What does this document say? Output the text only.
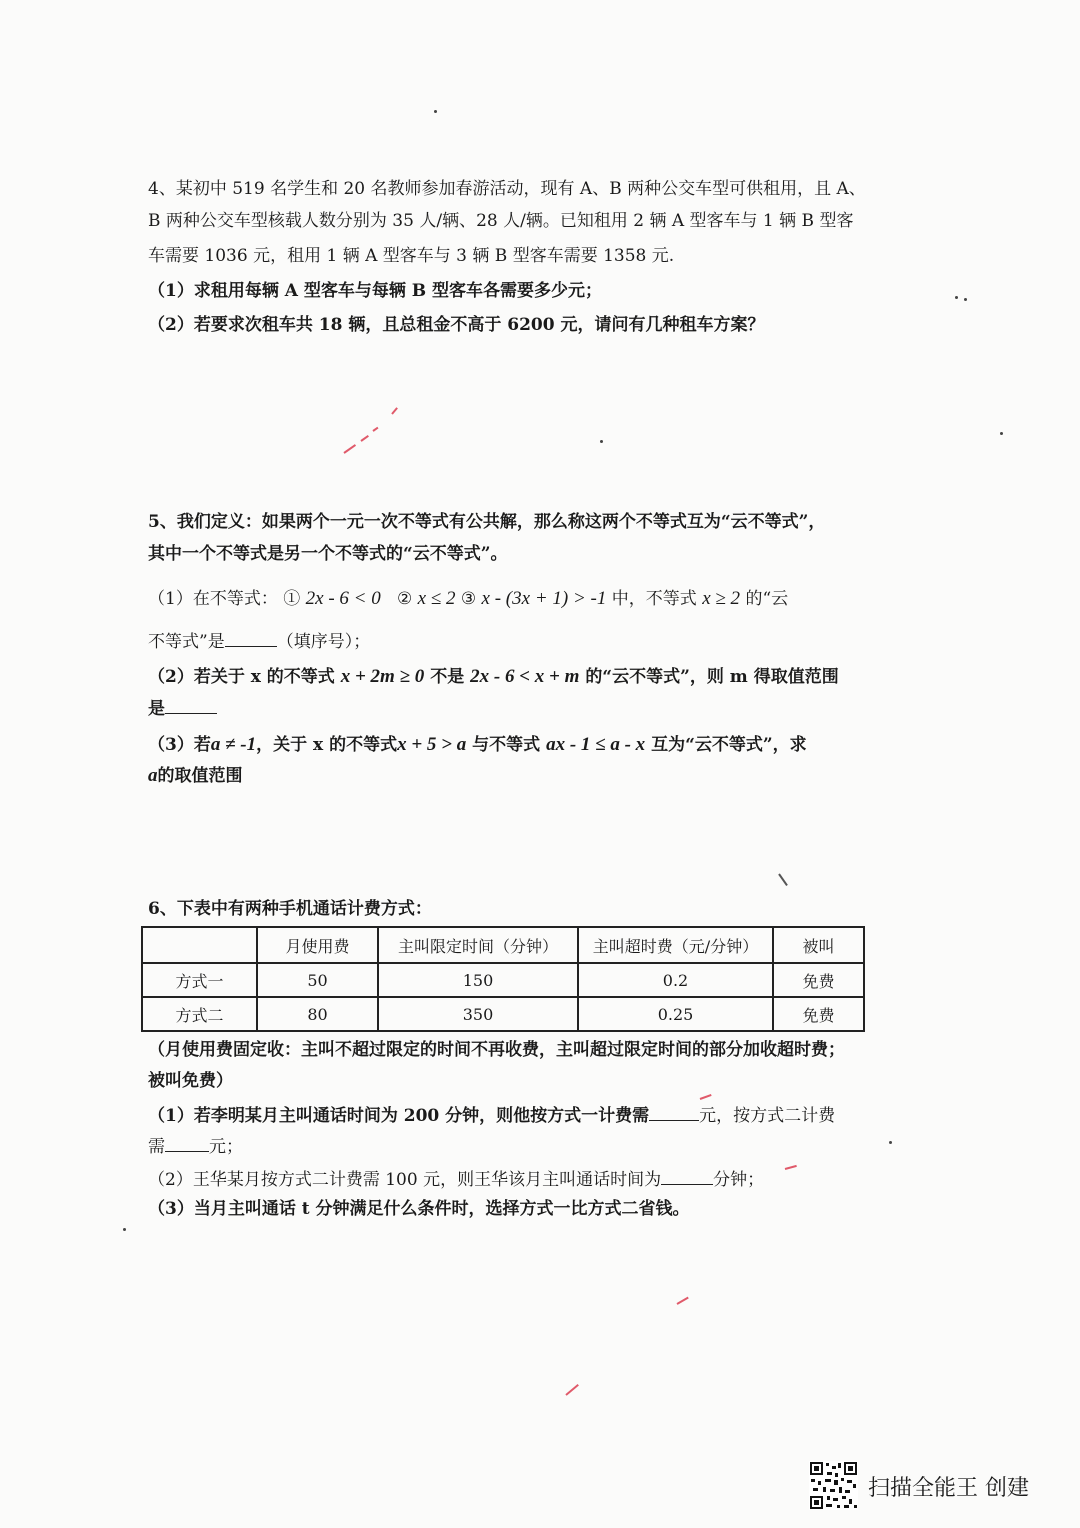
4、某初中 519 名学生和 20 名教师参加春游活动，现有 A、B 两种公交车型可供租用，且 A、
B 两种公交车型核载人数分别为 35 人/辆、28 人/辆。已知租用 2 辆 A 型客车与 1 辆 B 型客
车需要 1036 元，租用 1 辆 A 型客车与 3 辆 B 型客车需要 1358 元.
（1）求租用每辆 A 型客车与每辆 B 型客车各需要多少元；
（2）若要求次租车共 18 辆，且总租金不高于 6200 元，请问有几种租车方案？
5、我们定义：如果两个一元一次不等式有公共解，那么称这两个不等式互为“云不等式”，
其中一个不等式是另一个不等式的“云不等式”。
（1）在不等式： ① 2x - 6 < 0 ② x ≤ 2 ③ x - (3x + 1) > -1 中，不等式 x ≥ 2 的“云
不等式”是	（填序号）；
（2）若关于 x 的不等式 x + 2m ≥ 0 不是 2x - 6 < x + m 的“云不等式”，则 m 得取值范围
是
（3）若a ≠ -1，关于 x 的不等式x + 5 > a 与不等式 ax - 1 ≤ a - x 互为“云不等式”，求
a的取值范围
6、下表中有两种手机通话计费方式：
	月使用费	主叫限定时间（分钟）	主叫超时费（元/分钟）	被叫
方式一	50	150	0.2	免费
方式二	80	350	0.25	免费
（月使用费固定收：主叫不超过限定的时间不再收费，主叫超过限定时间的部分加收超时费；
被叫免费）
（1）若李明某月主叫通话时间为 200 分钟，则他按方式一计费需	元，按方式二计费
需	元；
（2）王华某月按方式二计费需 100 元，则王华该月主叫通话时间为	分钟；
（3）当月主叫通话 t 分钟满足什么条件时，选择方式一比方式二省钱。
扫描全能王 创建
